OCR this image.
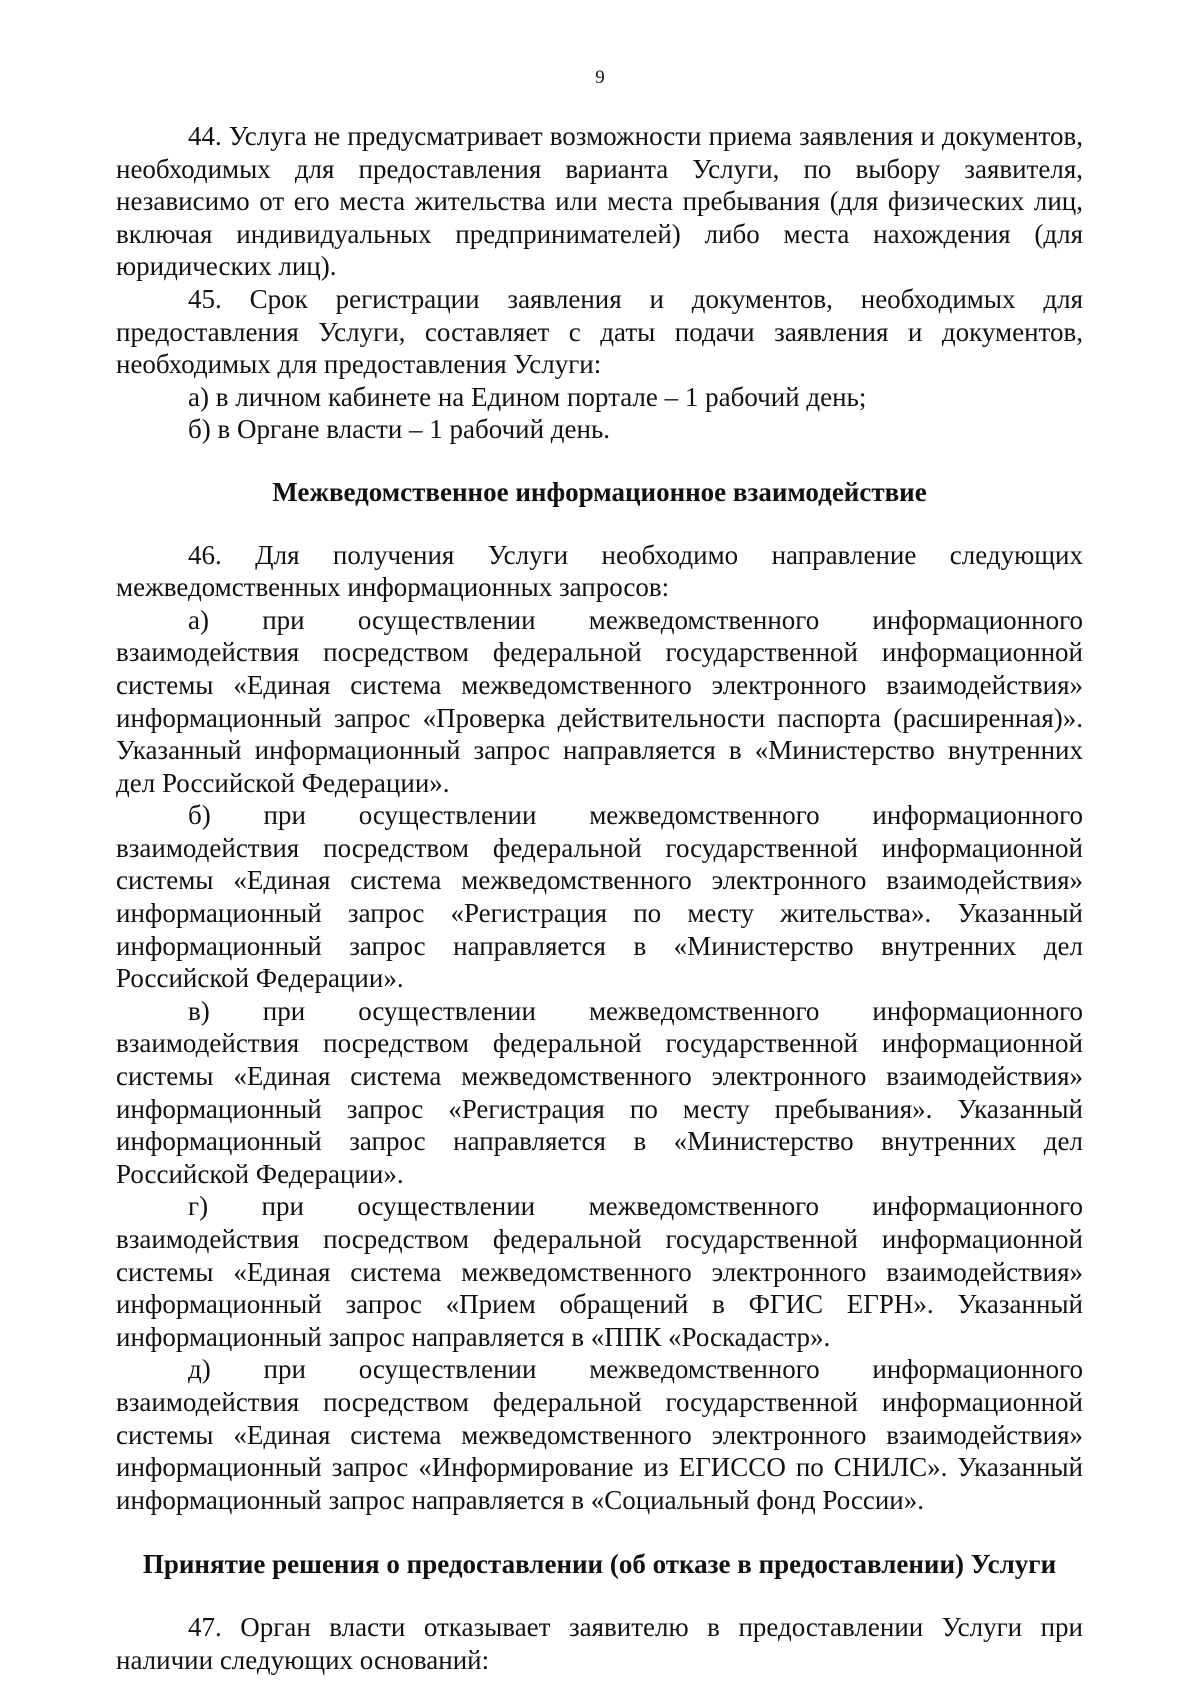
9

44. Услуга не предусматривает возможности приема заявления и документов, необходимых для предоставления варианта Услуги, по выбору заявителя, независимо от его места жительства или места пребывания (для физических лиц, включая индивидуальных предпринимателей) либо места нахождения (для юридических лиц).

45. Срок регистрации заявления и документов, необходимых для предоставления Услуги, составляет с даты подачи заявления и документов, необходимых для предоставления Услуги:

а) в личном кабинете на Едином портале – 1 рабочий день;

б) в Органе власти – 1 рабочий день.

Межведомственное информационное взаимодействие

46. Для получения Услуги необходимо направление следующих межведомственных информационных запросов:

а) при осуществлении межведомственного информационного взаимодействия посредством федеральной государственной информационной системы «Единая система межведомственного электронного взаимодействия» информационный запрос «Проверка действительности паспорта (расширенная)». Указанный информационный запрос направляется в «Министерство внутренних дел Российской Федерации».

б) при осуществлении межведомственного информационного взаимодействия посредством федеральной государственной информационной системы «Единая система межведомственного электронного взаимодействия» информационный запрос «Регистрация по месту жительства». Указанный информационный запрос направляется в «Министерство внутренних дел Российской Федерации».

в) при осуществлении межведомственного информационного взаимодействия посредством федеральной государственной информационной системы «Единая система межведомственного электронного взаимодействия» информационный запрос «Регистрация по месту пребывания». Указанный информационный запрос направляется в «Министерство внутренних дел Российской Федерации».

г) при осуществлении межведомственного информационного взаимодействия посредством федеральной государственной информационной системы «Единая система межведомственного электронного взаимодействия» информационный запрос «Прием обращений в ФГИС ЕГРН». Указанный информационный запрос направляется в «ППК «Роскадастр».

д) при осуществлении межведомственного информационного взаимодействия посредством федеральной государственной информационной системы «Единая система межведомственного электронного взаимодействия» информационный запрос «Информирование из ЕГИССО по СНИЛС». Указанный информационный запрос направляется в «Социальный фонд России».

Принятие решения о предоставлении (об отказе в предоставлении) Услуги

47. Орган власти отказывает заявителю в предоставлении Услуги при наличии следующих оснований:
